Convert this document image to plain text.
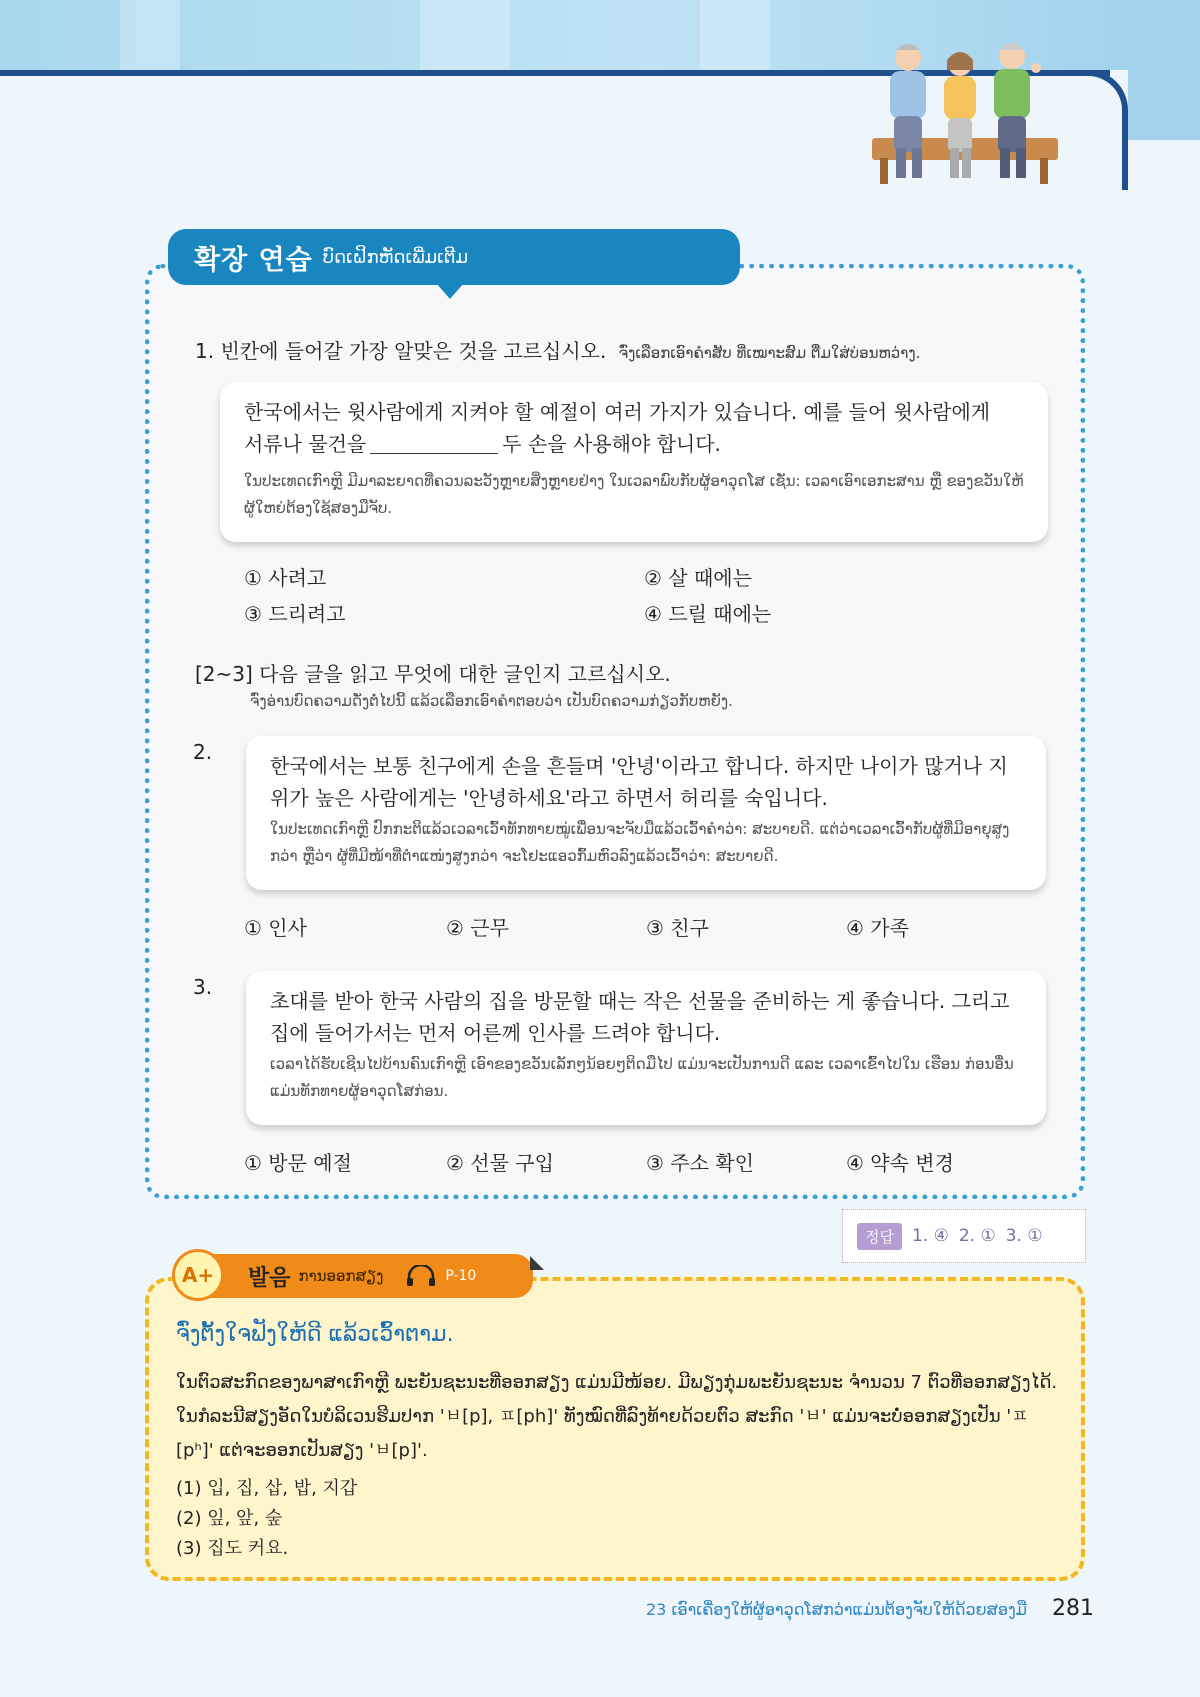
확장 연습 ບົດເຝິກຫັດເພີ່ມເຕີມ
1. 빈칸에 들어갈 가장 알맞은 것을 고르십시오. ຈົ່ງເລືອກເອົາຄຳສັບ ທີ່ເໝາະສົມ ຕື່ມໃສ່ບ່ອນຫວ່າງ.
한국에서는 윗사람에게 지켜야 할 예절이 여러 가지가 있습니다. 예를 들어 윗사람에게
서류나 물건을	두 손을 사용해야 합니다.
ໃນປະເທດເກົາຫຼີ ມີມາລະຍາດທີ່ຄວນລະວັງຫຼາຍສິ່ງຫຼາຍຢ່າງ ໃນເວລາພົບກັບຜູ້ອາວຸດໂສ ເຊັ່ນ: ເວລາເອົາເອກະສານ ຫຼື ຂອງຂວັນໃຫ້ຜູ້ໃຫຍ່ຕ້ອງໃຊ້ສອງມືຈັບ.
① 사려고	② 살 때에는
③ 드리려고	④ 드릴 때에는
[2~3] 다음 글을 읽고 무엇에 대한 글인지 고르십시오.
ຈົ່ງອ່ານບົດຄວາມດັ່ງຕໍ່ໄປນີ້ ແລ້ວເລືອກເອົາຄຳຕອບວ່າ ເປັນບົດຄວາມກ່ຽວກັບຫຍັງ.
2.
한국에서는 보통 친구에게 손을 흔들며 '안녕'이라고 합니다. 하지만 나이가 많거나 지위가 높은 사람에게는 '안녕하세요'라고 하면서 허리를 숙입니다.
ໃນປະເທດເກົາຫຼີ ປົກກະຕິແລ້ວເວລາເວົ້າທັກທາຍໝູ່ເພື່ອນຈະຈັບມືແລ້ວເວົ້າຄຳວ່າ: ສະບາຍດີ. ແຕ່ວ່າເວລາເວົ້າກັບຜູ້ທີ່ມີອາຍຸສູງກວ່າ ຫຼືວ່າ ຜູ້ທີ່ມີໜ້າທີ່ຕຳແໜ່ງສູງກວ່າ ຈະໂຢະແອວກົ້ມຫົວລົງແລ້ວເວົ້າວ່າ: ສະບາຍດີ.
① 인사	② 근무	③ 친구	④ 가족
3.
초대를 받아 한국 사람의 집을 방문할 때는 작은 선물을 준비하는 게 좋습니다. 그리고 집에 들어가서는 먼저 어른께 인사를 드려야 합니다.
ເວລາໄດ້ຮັບເຊີນໄປບ້ານຄົນເກົາຫຼີ ເອົາຂອງຂວັນເລັກໆນ້ອຍໆຕິດມືໄປ ແມ່ນຈະເປັນການດີ ແລະ ເວລາເຂົ້າໄປໃນ ເຮືອນ ກ່ອນອື່ນແມ່ນທັກທາຍຜູ້ອາວຸດໂສກ່ອນ.
① 방문 예절	② 선물 구입	③ 주소 확인	④ 약속 변경
정답	1. ④ 2. ① 3. ①
발음 ການອອກສຽງ	P-10
A+
ຈົ່ງຕັ້ງໃຈຟັງໃຫ້ດີ ແລ້ວເວົ້າຕາມ.
ໃນຕົວສະກົດຂອງພາສາເກົາຫຼີ ພະຍັນຊະນະທີ່ອອກສຽງ ແມ່ນມີໜ້ອຍ. ມີພຽງກຸ່ມພະຍັນຊະນະ ຈຳນວນ 7 ຕົວທີ່ອອກສຽງໄດ້. ໃນກໍລະນີສຽງອັດໃນບໍລິເວນຮີມປາກ 'ㅂ[p], ㅍ[ph]' ທັງໝົດທີ່ລົງທ້າຍດ້ວຍຕົວ ສະກົດ 'ㅂ' ແມ່ນຈະບໍ່ອອກສຽງເປັນ 'ㅍ[pʰ]' ແຕ່ຈະອອກເປັນສຽງ 'ㅂ[p]'.
(1) 입, 집, 삽, 밥, 지갑
(2) 잎, 앞, 숲
(3) 집도 커요.
23 ເອົາເຄື່ອງໃຫ້ຜູ້ອາວຸດໂສກວ່າແມ່ນຕ້ອງຈັບໃຫ້ດ້ວຍສອງມື 281
